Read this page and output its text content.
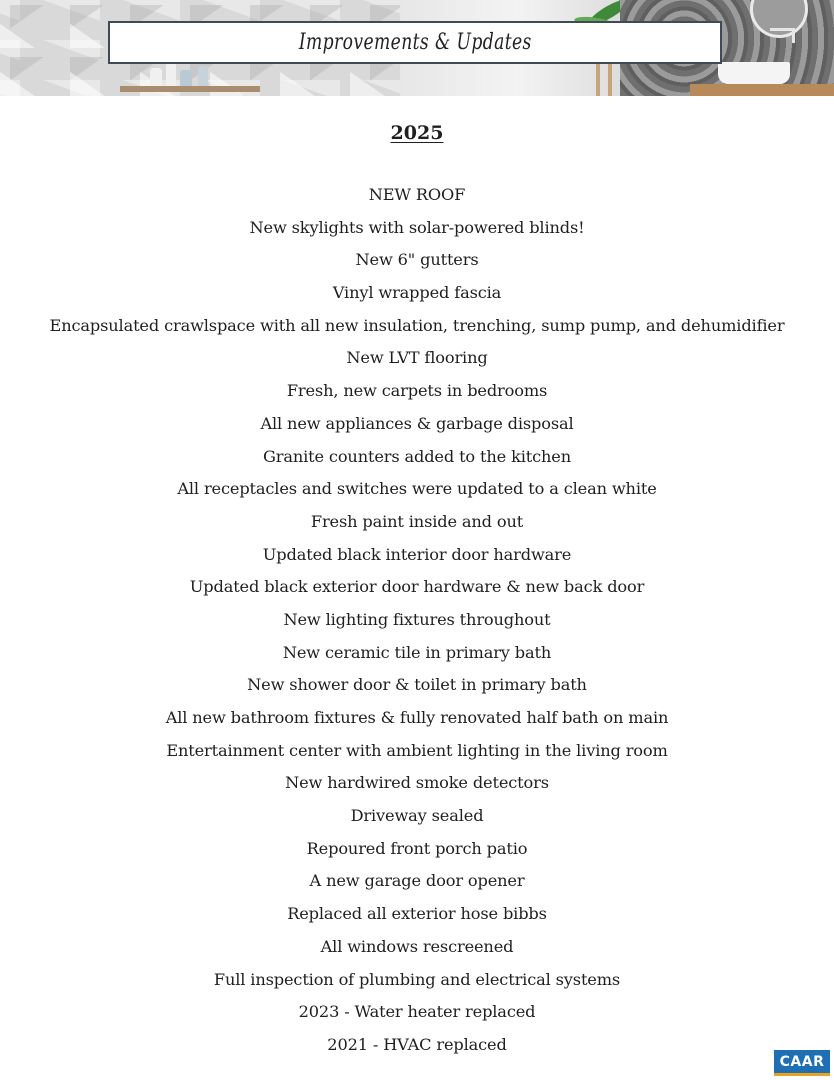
Improvements & Updates
2025
NEW ROOF
New skylights with solar-powered blinds!
New 6" gutters
Vinyl wrapped fascia
Encapsulated crawlspace with all new insulation, trenching, sump pump, and dehumidifier
New LVT flooring
Fresh, new carpets in bedrooms
All new appliances & garbage disposal
Granite counters added to the kitchen
All receptacles and switches were updated to a clean white
Fresh paint inside and out
Updated black interior door hardware
Updated black exterior door hardware & new back door
New lighting fixtures throughout
New ceramic tile in primary bath
New shower door & toilet in primary bath
All new bathroom fixtures & fully renovated half bath on main
Entertainment center with ambient lighting in the living room
New hardwired smoke detectors
Driveway sealed
Repoured front porch patio
A new garage door opener
Replaced all exterior hose bibbs
All windows rescreened
Full inspection of plumbing and electrical systems
2023 - Water heater replaced
2021 - HVAC replaced
CAAR
